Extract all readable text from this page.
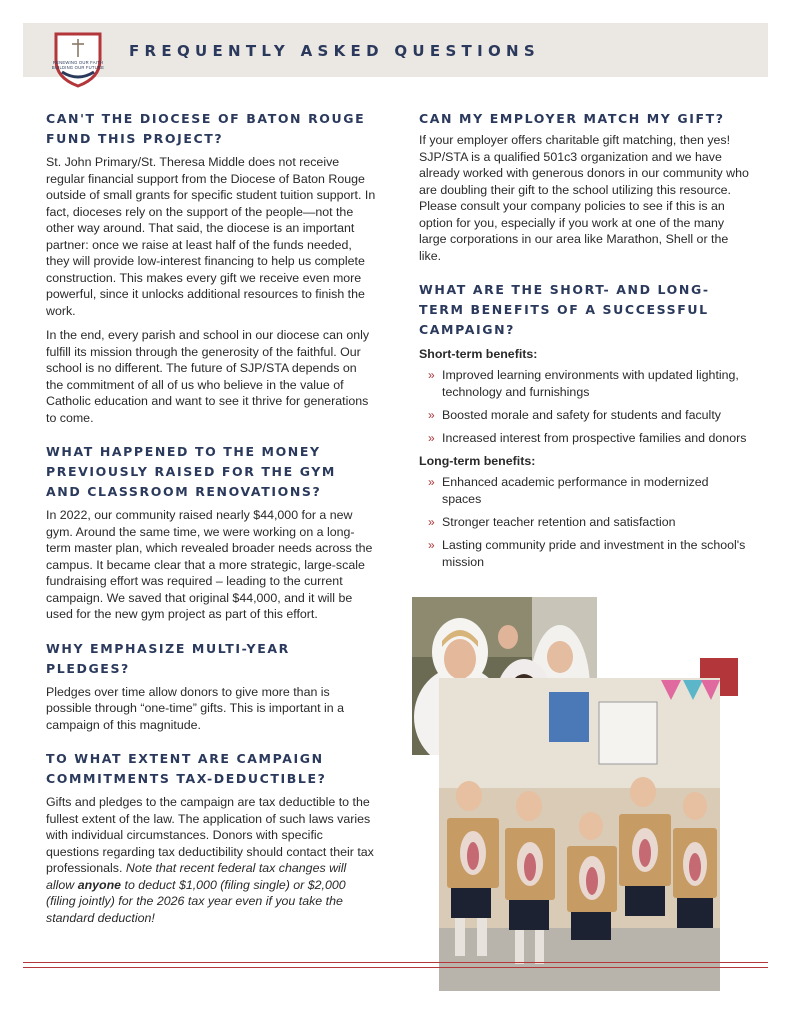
RENEWING OUR FAITH BUILDING OUR FUTURE
FREQUENTLY ASKED QUESTIONS
CAN'T THE DIOCESE OF BATON ROUGE FUND THIS PROJECT?

St. John Primary/St. Theresa Middle does not receive regular financial support from the Diocese of Baton Rouge outside of small grants for specific student tuition support. In fact, dioceses rely on the support of the people—not the other way around. That said, the diocese is an important partner: once we raise at least half of the funds needed, they will provide low-interest financing to help us complete construction. This makes every gift we receive even more powerful, since it unlocks additional resources to finish the work.

In the end, every parish and school in our diocese can only fulfill its mission through the generosity of the faithful. Our school is no different. The future of SJP/STA depends on the commitment of all of us who believe in the value of Catholic education and want to see it thrive for generations to come.

WHAT HAPPENED TO THE MONEY PREVIOUSLY RAISED FOR THE GYM AND CLASSROOM RENOVATIONS?

In 2022, our community raised nearly $44,000 for a new gym. Around the same time, we were working on a long-term master plan, which revealed broader needs across the campus. It became clear that a more strategic, large-scale fundraising effort was required – leading to the current campaign. We saved that original $44,000, and it will be used for the new gym project as part of this effort.

WHY EMPHASIZE MULTI-YEAR PLEDGES?

Pledges over time allow donors to give more than is possible through “one-time” gifts. This is important in a campaign of this magnitude.

TO WHAT EXTENT ARE CAMPAIGN COMMITMENTS TAX-DEDUCTIBLE?

Gifts and pledges to the campaign are tax deductible to the fullest extent of the law. The application of such laws varies with individual circumstances. Donors with specific questions regarding tax deductibility should contact their tax professionals. Note that recent federal tax changes will allow anyone to deduct $1,000 (filing single) or $2,000 (filing jointly) for the 2026 tax year even if you take the standard deduction!

CAN MY EMPLOYER MATCH MY GIFT?

If your employer offers charitable gift matching, then yes! SJP/STA is a qualified 501c3 organization and we have already worked with generous donors in our community who are doubling their gift to the school utilizing this resource. Please consult your company policies to see if this is an option for you, especially if you work at one of the many large corporations in our area like Marathon, Shell or the like.

WHAT ARE THE SHORT- AND LONG-TERM BENEFITS OF A SUCCESSFUL CAMPAIGN?
Short-term benefits:
» Improved learning environments with updated lighting, technology and furnishings
» Boosted morale and safety for students and faculty
» Increased interest from prospective families and donors
Long-term benefits:
» Enhanced academic performance in modernized spaces
» Stronger teacher retention and satisfaction
» Lasting community pride and investment in the school's mission
